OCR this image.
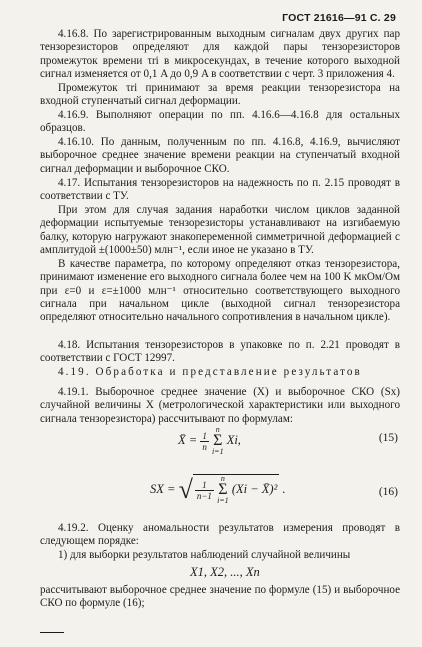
ГОСТ 21616—91 С. 29
4.16.8. По зарегистрированным выходным сигналам двух других пар тензорезисторов определяют для каждой пары тензорезисторов промежуток времени τri в микросекундах, в течение которого выходной сигнал изменяется от 0,1 A до 0,9 A в соответствии с черт. 3 приложения 4.
Промежуток τri принимают за время реакции тензорезистора на входной ступенчатый сигнал деформации.
4.16.9. Выполняют операции по пп. 4.16.6—4.16.8 для остальных образцов.
4.16.10. По данным, полученным по пп. 4.16.8, 4.16.9, вычисляют выборочное среднее значение времени реакции на ступенчатый входной сигнал деформации и выборочное СКО.
4.17. Испытания тензорезисторов на надежность по п. 2.15 проводят в соответствии с ТУ.
При этом для случая задания наработки числом циклов заданной деформации испытуемые тензорезисторы устанавливают на изгибаемую балку, которую нагружают знакопеременной симметричной деформацией с амплитудой ±(1000±50) млн⁻¹, если иное не указано в ТУ.
В качестве параметра, по которому определяют отказ тензорезистора, принимают изменение его выходного сигнала более чем на 100 K мкОм/Ом при ε=0 и ε=±1000 млн⁻¹ относительно соответствующего выходного сигнала при начальном цикле (выходной сигнал тензорезистора определяют относительно начального сопротивления в начальном цикле).
4.18. Испытания тензорезисторов в упаковке по п. 2.21 проводят в соответствии с ГОСТ 12997.
4.19. Обработка и представление результатов
4.19.1. Выборочное среднее значение (X) и выборочное СКО (Sx) случайной величины X (метрологической характеристики или выходного сигнала тензорезистора) рассчитывают по формулам:
X̄ = $\frac{1}{n}$
n
Σ
i=1 Xi,	(15)
SX = √ $\frac{1}{n-1}$
n
Σ
i=1 (Xi − X̄)² .	(16)
4.19.2. Оценку аномальности результатов измерения проводят в следующем порядке:
1) для выборки результатов наблюдений случайной величины
X1, X2, ..., Xn
рассчитывают выборочное среднее значение по формуле (15) и выборочное СКО по формуле (16);
